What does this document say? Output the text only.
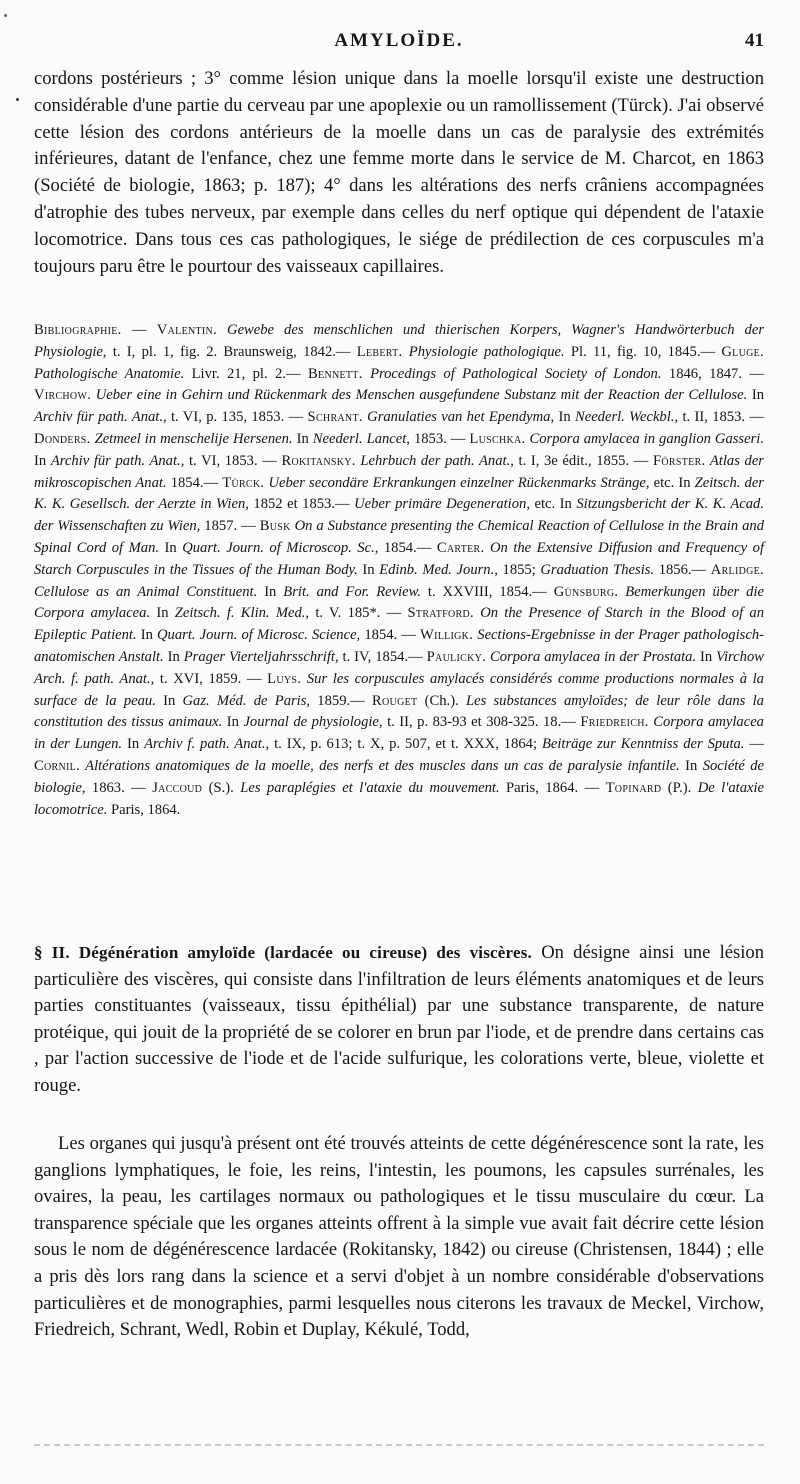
AMYLOÏDE.	41

cordons postérieurs ; 3° comme lésion unique dans la moelle lorsqu'il existe une destruction considérable d'une partie du cerveau par une apoplexie ou un ramollissement (Türck). J'ai observé cette lésion des cordons antérieurs de la moelle dans un cas de paralysie des extrémités inférieures, datant de l'enfance, chez une femme morte dans le service de M. Charcot, en 1863 (Société de biologie, 1863; p. 187); 4° dans les altérations des nerfs crâniens accompagnées d'atrophie des tubes nerveux, par exemple dans celles du nerf optique qui dépendent de l'ataxie locomotrice. Dans tous ces cas pathologiques, le siége de prédilection de ces corpuscules m'a toujours paru être le pourtour des vaisseaux capillaires.

Bibliographie. — Valentin. Gewebe des menschlichen und thierischen Korpers, Wagner's Handwörterbuch der Physiologie, t. I, pl. 1, fig. 2. Braunsweig, 1842.— Lebert. Physiologie pathologique. Pl. 11, fig. 10, 1845.— Gluge. Pathologische Anatomie. Livr. 21, pl. 2.— Bennett. Procedings of Pathological Society of London. 1846, 1847. — Virchow. Ueber eine in Gehirn und Rückenmark des Menschen ausgefundene Substanz mit der Reaction der Cellulose. In Archiv für path. Anat., t. VI, p. 135, 1853. — Schrant. Granulaties van het Ependyma, In Neederl. Weckbl., t. II, 1853. — Donders. Zetmeel in menschelije Hersenen. In Neederl. Lancet, 1853. — Luschka. Corpora amylacea in ganglion Gasseri. In Archiv für path. Anat., t. VI, 1853. — Rokitansky. Lehrbuch der path. Anat., t. I, 3e édit., 1855. — Förster. Atlas der mikroscopischen Anat. 1854.— Türck. Ueber secondäre Erkrankungen einzelner Rückenmarks Stränge, etc. In Zeitsch. der K. K. Gesellsch. der Aerzte in Wien, 1852 et 1853.— Ueber primäre Degeneration, etc. In Sitzungsbericht der K. K. Acad. der Wissenschaften zu Wien, 1857. — Busk On a Substance presenting the Chemical Reaction of Cellulose in the Brain and Spinal Cord of Man. In Quart. Journ. of Microscop. Sc., 1854.— Carter. On the Extensive Diffusion and Frequency of Starch Corpuscules in the Tissues of the Human Body. In Edinb. Med. Journ., 1855; Graduation Thesis. 1856.— Arlidge. Cellulose as an Animal Constituent. In Brit. and For. Review. t. XXVIII, 1854.— Günsburg. Bemerkungen über die Corpora amylacea. In Zeitsch. f. Klin. Med., t. V. 185*. — Stratford. On the Presence of Starch in the Blood of an Epileptic Patient. In Quart. Journ. of Microsc. Science, 1854. — Willigk. Sections-Ergebnisse in der Prager pathologisch-anatomischen Anstalt. In Prager Vierteljahrsschrift, t. IV, 1854.— Paulicky. Corpora amylacea in der Prostata. In Virchow Arch. f. path. Anat., t. XVI, 1859. — Luys. Sur les corpuscules amylacés considérés comme productions normales à la surface de la peau. In Gaz. Méd. de Paris, 1859.— Rouget (Ch.). Les substances amyloïdes; de leur rôle dans la constitution des tissus animaux. In Journal de physiologie, t. II, p. 83-93 et 308-325. 18.— Friedreich. Corpora amylacea in der Lungen. In Archiv f. path. Anat., t. IX, p. 613; t. X, p. 507, et t. XXX, 1864; Beiträge zur Kenntniss der Sputa. — Cornil. Altérations anatomiques de la moelle, des nerfs et des muscles dans un cas de paralysie infantile. In Société de biologie, 1863. — Jaccoud (S.). Les paraplégies et l'ataxie du mouvement. Paris, 1864. — Topinard (P.). De l'ataxie locomotrice. Paris, 1864.

§ II. Dégénération amyloïde (lardacée ou cireuse) des viscères. On désigne ainsi une lésion particulière des viscères, qui consiste dans l'infiltration de leurs éléments anatomiques et de leurs parties constituantes (vaisseaux, tissu épithélial) par une substance transparente, de nature protéique, qui jouit de la propriété de se colorer en brun par l'iode, et de prendre dans certains cas , par l'action successive de l'iode et de l'acide sulfurique, les colorations verte, bleue, violette et rouge.

Les organes qui jusqu'à présent ont été trouvés atteints de cette dégénérescence sont la rate, les ganglions lymphatiques, le foie, les reins, l'intestin, les poumons, les capsules surrénales, les ovaires, la peau, les cartilages normaux ou pathologiques et le tissu musculaire du cœur. La transparence spéciale que les organes atteints offrent à la simple vue avait fait décrire cette lésion sous le nom de dégénérescence lardacée (Rokitansky, 1842) ou cireuse (Christensen, 1844) ; elle a pris dès lors rang dans la science et a servi d'objet à un nombre considérable d'observations particulières et de monographies, parmi lesquelles nous citerons les travaux de Meckel, Virchow, Friedreich, Schrant, Wedl, Robin et Duplay, Kékulé, Todd,
